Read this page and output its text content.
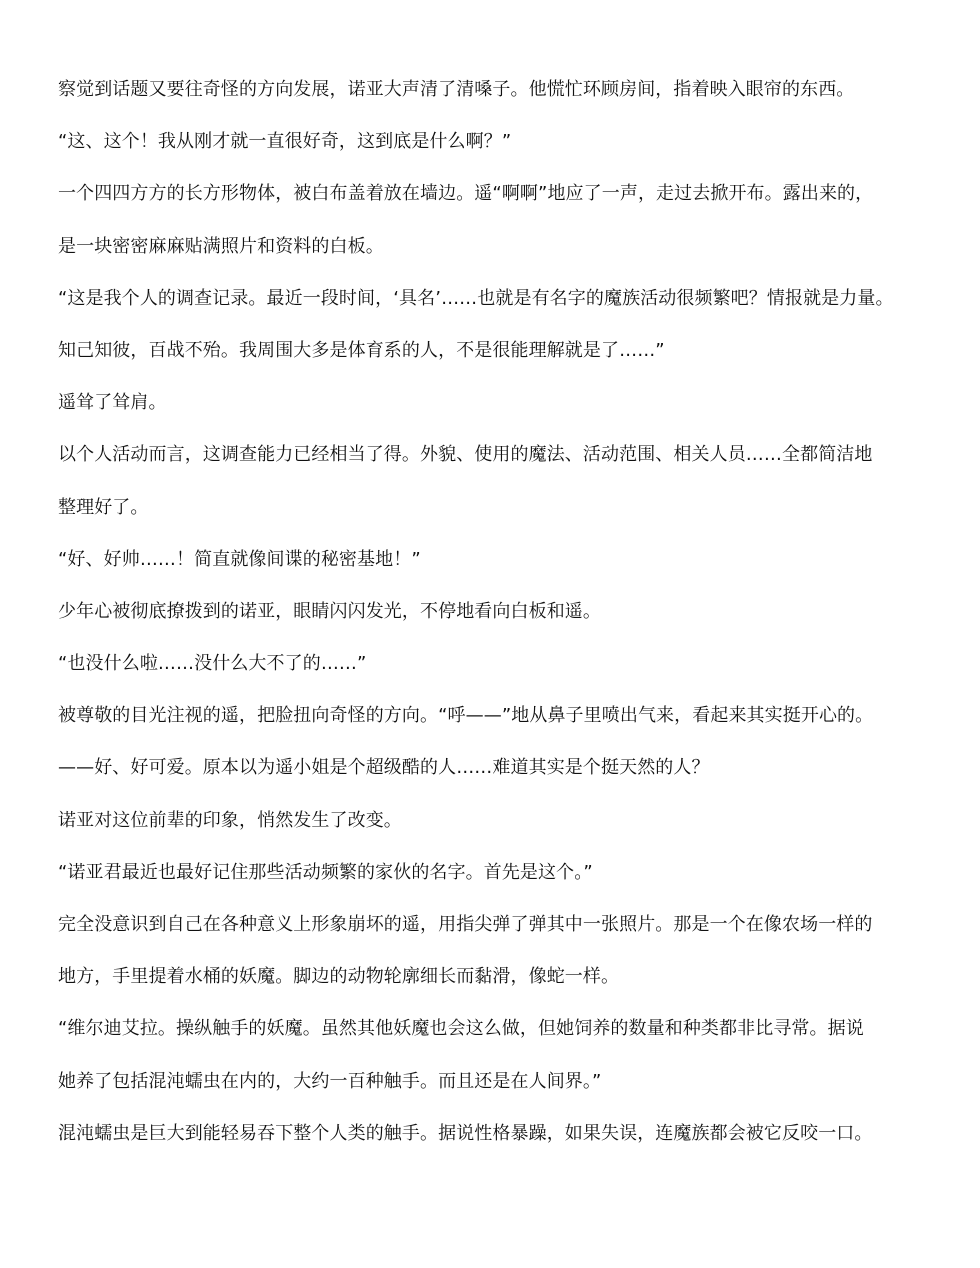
察觉到话题又要往奇怪的方向发展，诺亚大声清了清嗓子。他慌忙环顾房间，指着映入眼帘的东西。

“这、这个！我从刚才就一直很好奇，这到底是什么啊？”

一个四四方方的长方形物体，被白布盖着放在墙边。遥“啊啊”地应了一声，走过去掀开布。露出来的，

是一块密密麻麻贴满照片和资料的白板。

“这是我个人的调查记录。最近一段时间，‘具名’……也就是有名字的魔族活动很频繁吧？情报就是力量。

知己知彼，百战不殆。我周围大多是体育系的人，不是很能理解就是了……”

遥耸了耸肩。

以个人活动而言，这调查能力已经相当了得。外貌、使用的魔法、活动范围、相关人员……全都简洁地

整理好了。

“好、好帅……！简直就像间谍的秘密基地！”

少年心被彻底撩拨到的诺亚，眼睛闪闪发光，不停地看向白板和遥。

“也没什么啦……没什么大不了的……”

被尊敬的目光注视的遥，把脸扭向奇怪的方向。“呼——”地从鼻子里喷出气来，看起来其实挺开心的。

——好、好可爱。原本以为遥小姐是个超级酷的人……难道其实是个挺天然的人？

诺亚对这位前辈的印象，悄然发生了改变。

“诺亚君最近也最好记住那些活动频繁的家伙的名字。首先是这个。”

完全没意识到自己在各种意义上形象崩坏的遥，用指尖弹了弹其中一张照片。那是一个在像农场一样的

地方，手里提着水桶的妖魔。脚边的动物轮廓细长而黏滑，像蛇一样。

“维尔迪艾拉。操纵触手的妖魔。虽然其他妖魔也会这么做，但她饲养的数量和种类都非比寻常。据说

她养了包括混沌蠕虫在内的，大约一百种触手。而且还是在人间界。”

混沌蠕虫是巨大到能轻易吞下整个人类的触手。据说性格暴躁，如果失误，连魔族都会被它反咬一口。
